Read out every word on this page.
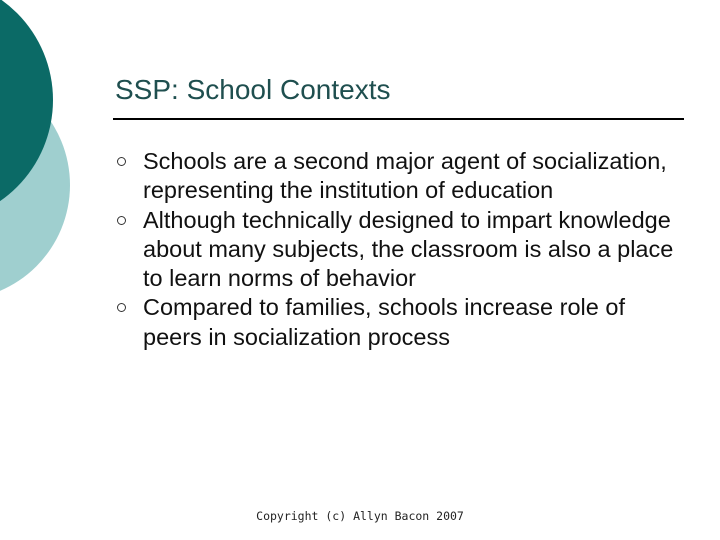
SSP: School Contexts
Schools are a second major agent of socialization, representing the institution of education
Although technically designed to impart knowledge about many subjects, the classroom is also a place to learn norms of behavior
Compared to families, schools increase role of peers in socialization process
Copyright (c) Allyn Bacon 2007
